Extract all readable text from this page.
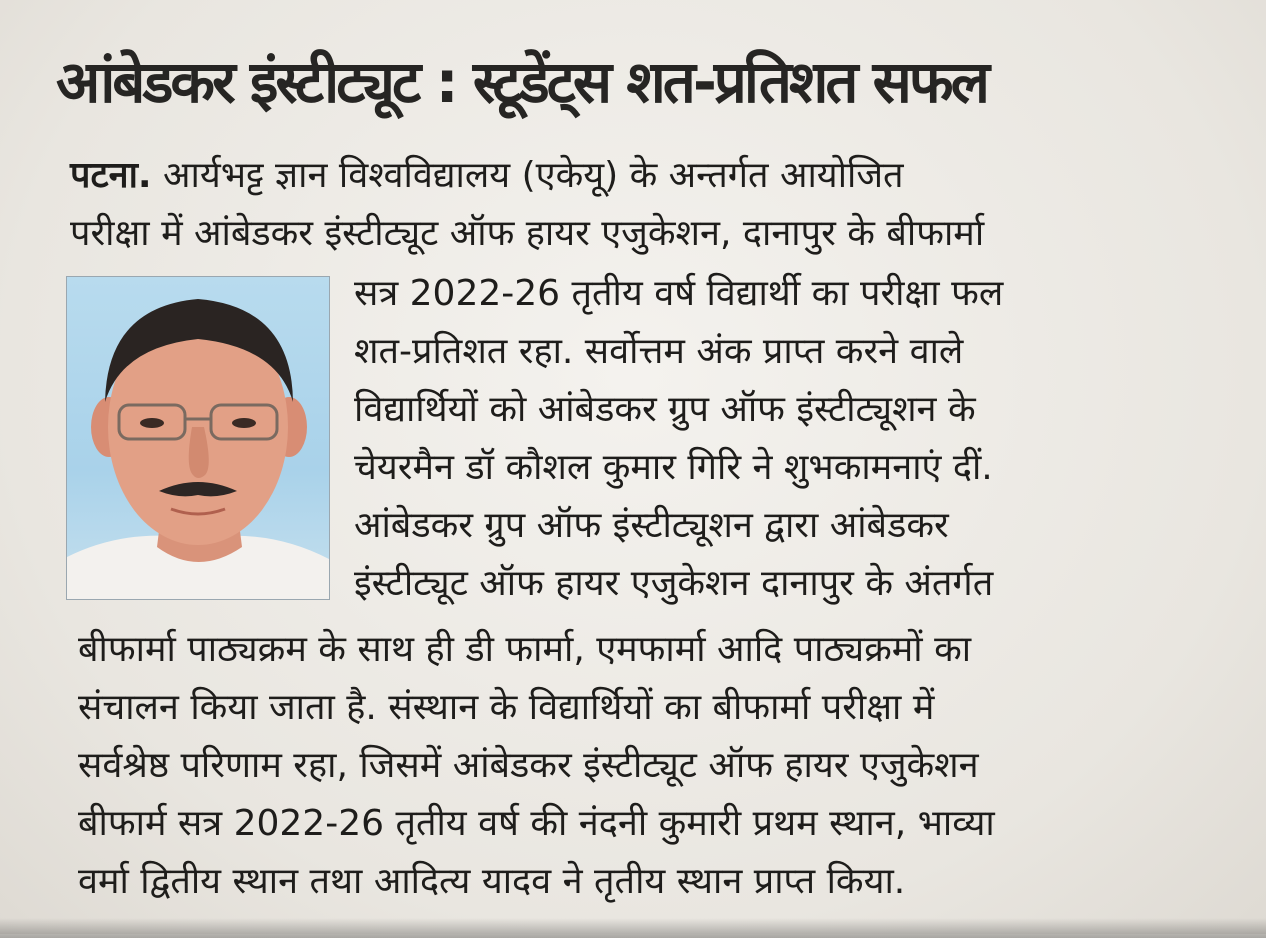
आंबेडकर इंस्टीट्यूट : स्टूडेंट्स शत-प्रतिशत सफल
पटना. आर्यभट्ट ज्ञान विश्वविद्यालय (एकेयू) के अन्तर्गत आयोजित
परीक्षा में आंबेडकर इंस्टीट्यूट ऑफ हायर एजुकेशन, दानापुर के बीफार्मा
सत्र 2022-26 तृतीय वर्ष विद्यार्थी का परीक्षा फल
शत-प्रतिशत रहा. सर्वोत्तम अंक प्राप्त करने वाले
विद्यार्थियों को आंबेडकर ग्रुप ऑफ इंस्टीट्यूशन के
चेयरमैन डॉ कौशल कुमार गिरि ने शुभकामनाएं दीं.
आंबेडकर ग्रुप ऑफ इंस्टीट्यूशन द्वारा आंबेडकर
इंस्टीट्यूट ऑफ हायर एजुकेशन दानापुर के अंतर्गत
बीफार्मा पाठ्यक्रम के साथ ही डी फार्मा, एमफार्मा आदि पाठ्यक्रमों का
संचालन किया जाता है. संस्थान के विद्यार्थियों का बीफार्मा परीक्षा में
सर्वश्रेष्ठ परिणाम रहा, जिसमें आंबेडकर इंस्टीट्यूट ऑफ हायर एजुकेशन
बीफार्म सत्र 2022-26 तृतीय वर्ष की नंदनी कुमारी प्रथम स्थान, भाव्या
वर्मा द्वितीय स्थान तथा आदित्य यादव ने तृतीय स्थान प्राप्त किया.
